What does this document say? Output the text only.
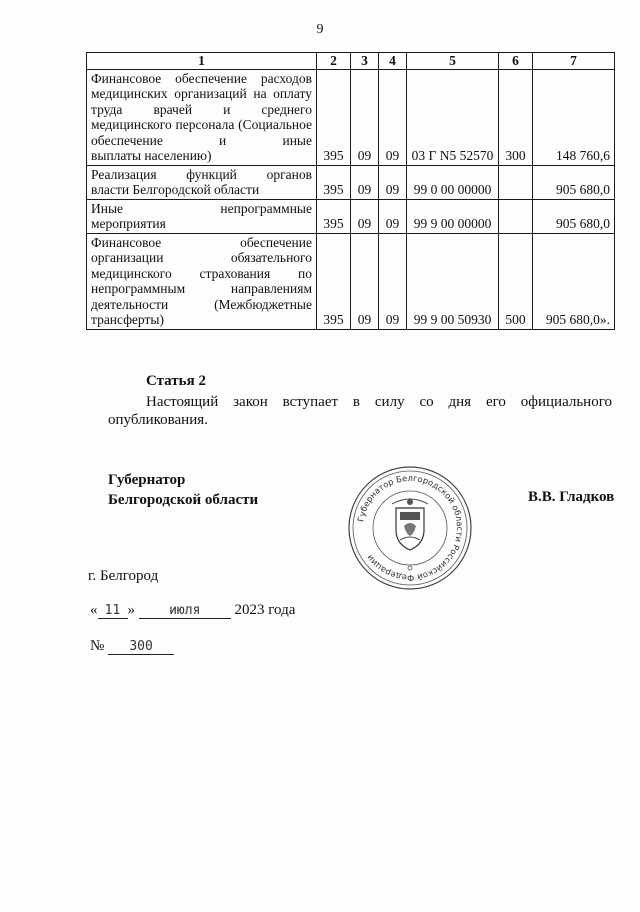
9
1	2	3	4	5	6	7
Финансовое обеспечение расходов медицинских организаций на оплату труда врачей и среднего медицинского персонала (Социальное обеспечение и иные
выплаты населению)	395	09	09	03 Г N5 52570	300	148 760,6
Реализация функций органов
власти Белгородской области	395	09	09	99 0 00 00000		905 680,0
Иные непрограммные
мероприятия	395	09	09	99 9 00 00000		905 680,0
Финансовое обеспечение организации обязательного медицинского страхования по непрограммным направлениям деятельности (Межбюджетные
трансферты)	395	09	09	99 9 00 50930	500	905 680,0».
Статья 2
Настоящий закон вступает в силу со дня его официального опубликования.
Губернатор
Белгородской области	В.В. Гладков
Губернатор Белгородской области Российской Федерации
г. Белгород
« 11 »	июля 2023 года
№ 300
